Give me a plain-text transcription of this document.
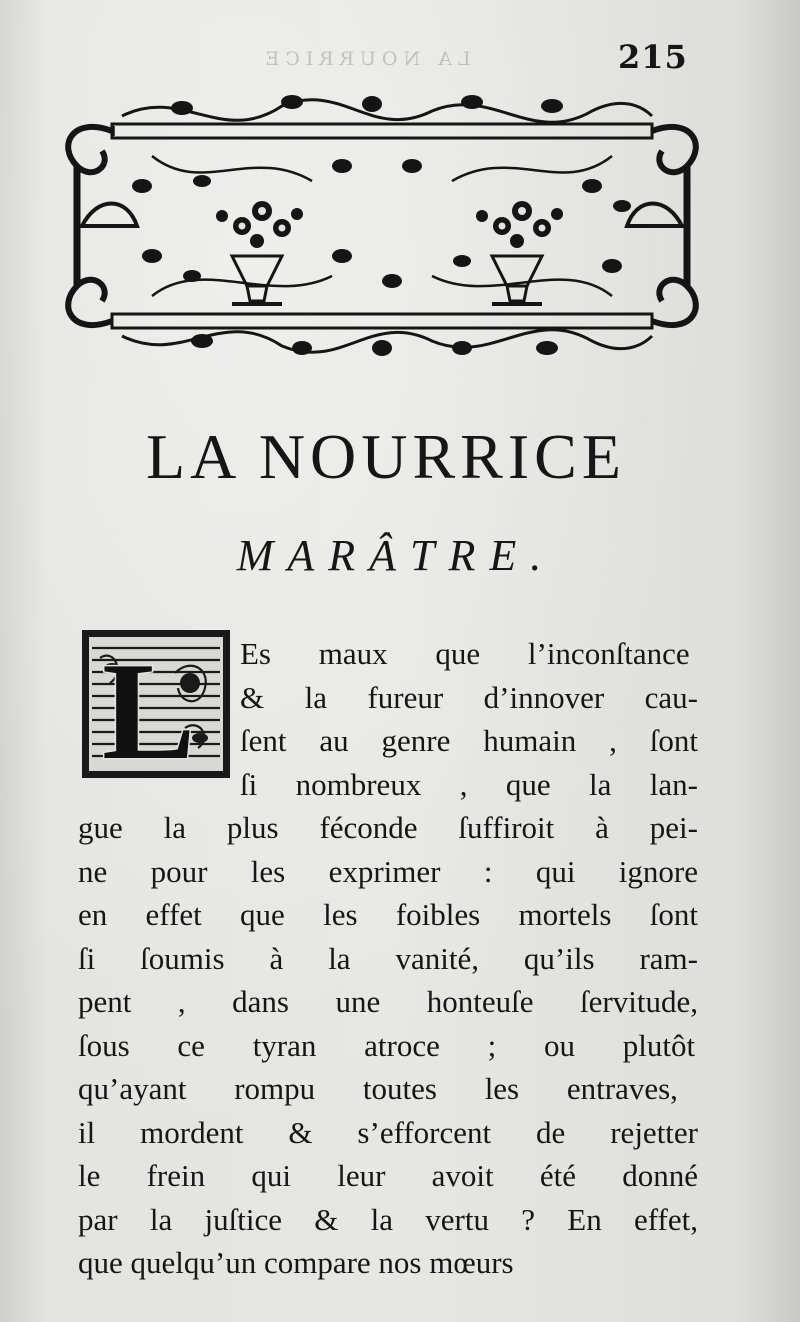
LA NOURRICE	215
LA NOURRICE
MARÂTRE.
L	Es maux que l’inconſtance
& la fureur d’innover cau-
ſent au genre humain , ſont
ſi nombreux , que la lan-
gue la plus féconde ſuffiroit à pei-
ne pour les exprimer : qui ignore
en effet que les foibles mortels ſont
ſi ſoumis à la vanité, qu’ils ram-
pent , dans une honteuſe ſervitude,
ſous ce tyran atroce ; ou plutôt
qu’ayant rompu toutes les entraves,
il mordent & s’efforcent de rejetter
le frein qui leur avoit été donné
par la juſtice & la vertu ? En effet,
que quelqu’un compare nos mœurs
